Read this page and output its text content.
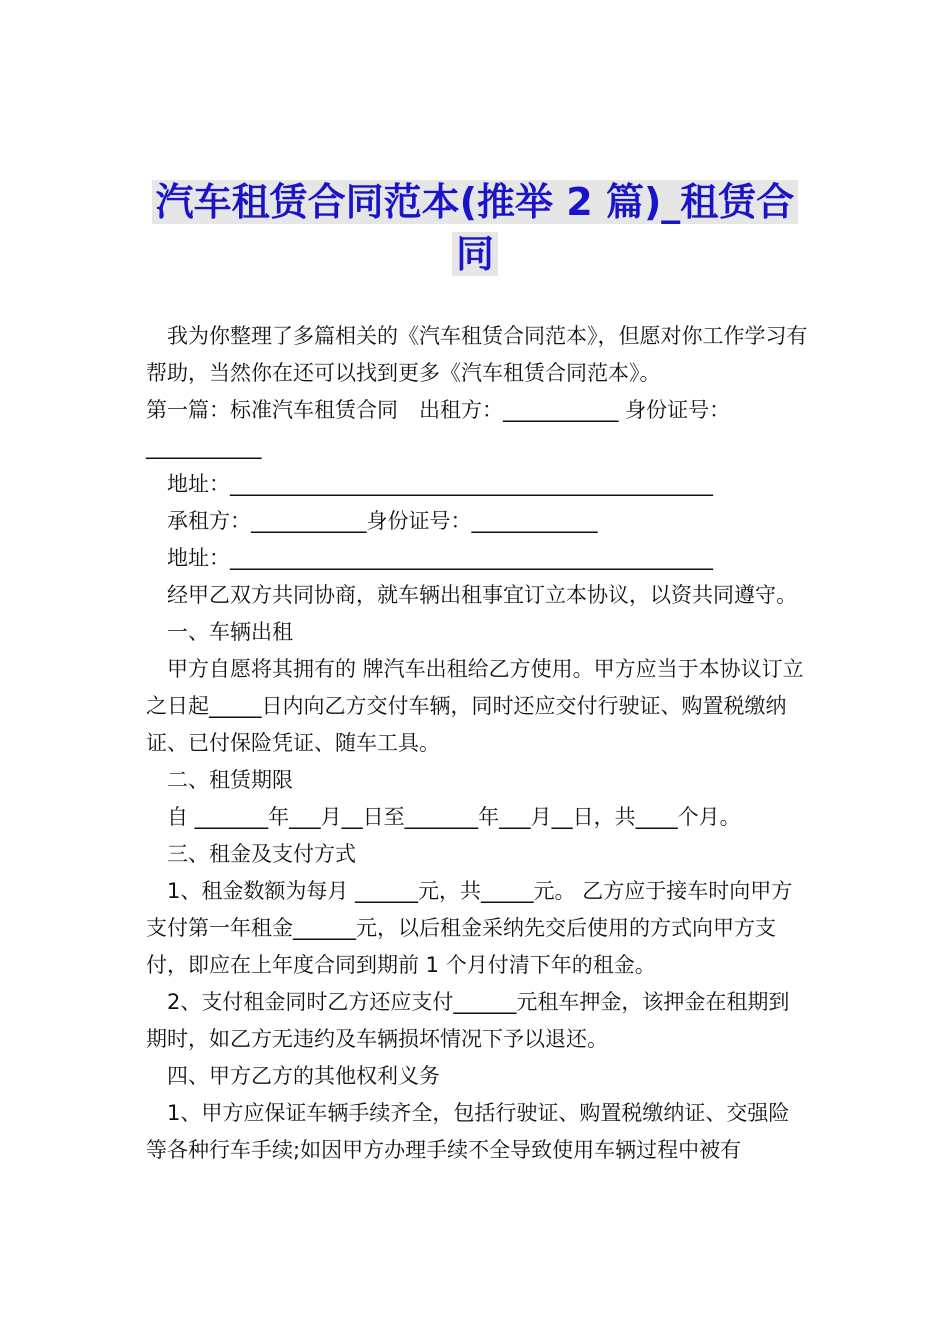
汽车租赁合同范本(推举 2 篇)_租赁合
同

我为你整理了多篇相关的《汽车租赁合同范本》，但愿对你工作学习有帮助，当然你在还可以找到更多《汽车租赁合同范本》。

第一篇：标准汽车租赁合同　出租方：___________ 身份证号：___________

地址：______________________________________________

承租方：___________身份证号：____________

地址：______________________________________________

经甲乙双方共同协商，就车辆出租事宜订立本协议，以资共同遵守。

一、车辆出租

甲方自愿将其拥有的 牌汽车出租给乙方使用。甲方应当于本协议订立之日起_____日内向乙方交付车辆，同时还应交付行驶证、购置税缴纳证、已付保险凭证、随车工具。

二、租赁期限

自 _______年___月__日至_______年___月__日，共____个月。

三、租金及支付方式

1、租金数额为每月 ______元，共_____元。 乙方应于接车时向甲方支付第一年租金______元，以后租金采纳先交后使用的方式向甲方支付，即应在上年度合同到期前 1 个月付清下年的租金。

2、支付租金同时乙方还应支付______元租车押金，该押金在租期到期时，如乙方无违约及车辆损坏情况下予以退还。

四、甲方乙方的其他权利义务

1、甲方应保证车辆手续齐全，包括行驶证、购置税缴纳证、交强险等各种行车手续;如因甲方办理手续不全导致使用车辆过程中被有
